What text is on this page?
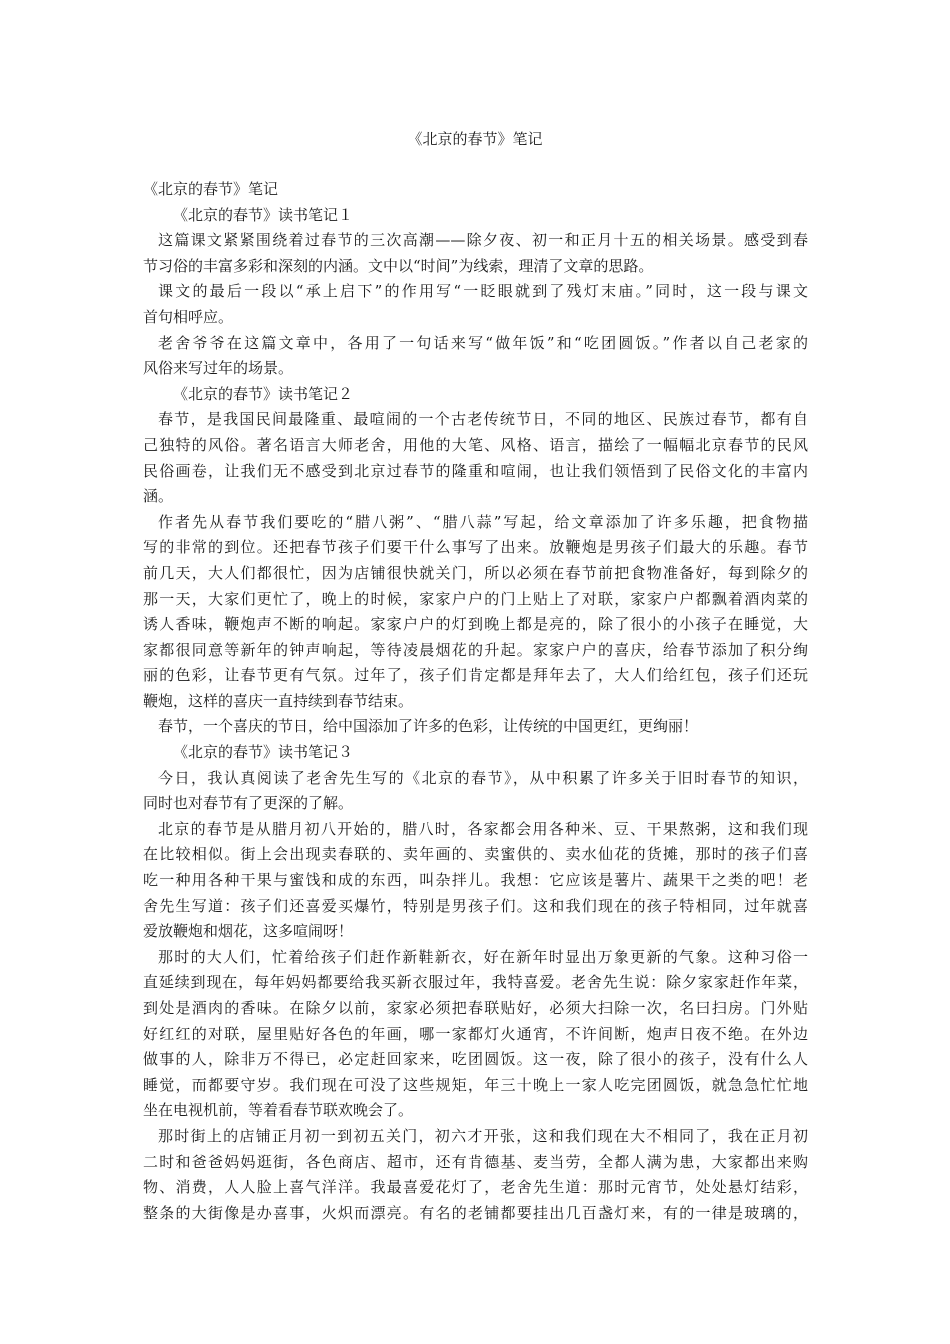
《北京的春节》笔记
《北京的春节》笔记
《北京的春节》读书笔记１
这篇课文紧紧围绕着过春节的三次高潮——除夕夜、初一和正月十五的相关场景。感受到春
节习俗的丰富多彩和深刻的内涵。文中以“时间”为线索，理清了文章的思路。
课文的最后一段以“承上启下”的作用写“一眨眼就到了残灯末庙。”同时，这一段与课文
首句相呼应。
老舍爷爷在这篇文章中，各用了一句话来写“做年饭”和“吃团圆饭。”作者以自己老家的
风俗来写过年的场景。
《北京的春节》读书笔记２
春节，是我国民间最隆重、最喧闹的一个古老传统节日，不同的地区、民族过春节，都有自
己独特的风俗。著名语言大师老舍，用他的大笔、风格、语言，描绘了一幅幅北京春节的民风
民俗画卷，让我们无不感受到北京过春节的隆重和喧闹，也让我们领悟到了民俗文化的丰富内
涵。
作者先从春节我们要吃的“腊八粥”、“腊八蒜”写起，给文章添加了许多乐趣，把食物描
写的非常的到位。还把春节孩子们要干什么事写了出来。放鞭炮是男孩子们最大的乐趣。春节
前几天，大人们都很忙，因为店铺很快就关门，所以必须在春节前把食物准备好，每到除夕的
那一天，大家们更忙了，晚上的时候，家家户户的门上贴上了对联，家家户户都飘着酒肉菜的
诱人香味，鞭炮声不断的响起。家家户户的灯到晚上都是亮的，除了很小的小孩子在睡觉，大
家都很同意等新年的钟声响起，等待凌晨烟花的升起。家家户户的喜庆，给春节添加了积分绚
丽的色彩，让春节更有气氛。过年了，孩子们肯定都是拜年去了，大人们给红包，孩子们还玩
鞭炮，这样的喜庆一直持续到春节结束。
春节，一个喜庆的节日，给中国添加了许多的色彩，让传统的中国更红，更绚丽！
《北京的春节》读书笔记３
今日，我认真阅读了老舍先生写的《北京的春节》，从中积累了许多关于旧时春节的知识，
同时也对春节有了更深的了解。
北京的春节是从腊月初八开始的，腊八时，各家都会用各种米、豆、干果熬粥，这和我们现
在比较相似。街上会出现卖春联的、卖年画的、卖蜜供的、卖水仙花的货摊，那时的孩子们喜
吃一种用各种干果与蜜饯和成的东西，叫杂拌儿。我想：它应该是薯片、蔬果干之类的吧！老
舍先生写道：孩子们还喜爱买爆竹，特别是男孩子们。这和我们现在的孩子特相同，过年就喜
爱放鞭炮和烟花，这多喧闹呀！
那时的大人们，忙着给孩子们赶作新鞋新衣，好在新年时显出万象更新的气象。这种习俗一
直延续到现在，每年妈妈都要给我买新衣服过年，我特喜爱。老舍先生说：除夕家家赶作年菜，
到处是酒肉的香味。在除夕以前，家家必须把春联贴好，必须大扫除一次，名曰扫房。门外贴
好红红的对联，屋里贴好各色的年画，哪一家都灯火通宵，不许间断，炮声日夜不绝。在外边
做事的人，除非万不得已，必定赶回家来，吃团圆饭。这一夜，除了很小的孩子，没有什么人
睡觉，而都要守岁。我们现在可没了这些规矩，年三十晚上一家人吃完团圆饭，就急急忙忙地
坐在电视机前，等着看春节联欢晚会了。
那时街上的店铺正月初一到初五关门，初六才开张，这和我们现在大不相同了，我在正月初
二时和爸爸妈妈逛街，各色商店、超市，还有肯德基、麦当劳，全都人满为患，大家都出来购
物、消费，人人脸上喜气洋洋。我最喜爱花灯了，老舍先生道：那时元宵节，处处悬灯结彩，
整条的大街像是办喜事，火炽而漂亮。有名的老铺都要挂出几百盏灯来，有的一律是玻璃的，
